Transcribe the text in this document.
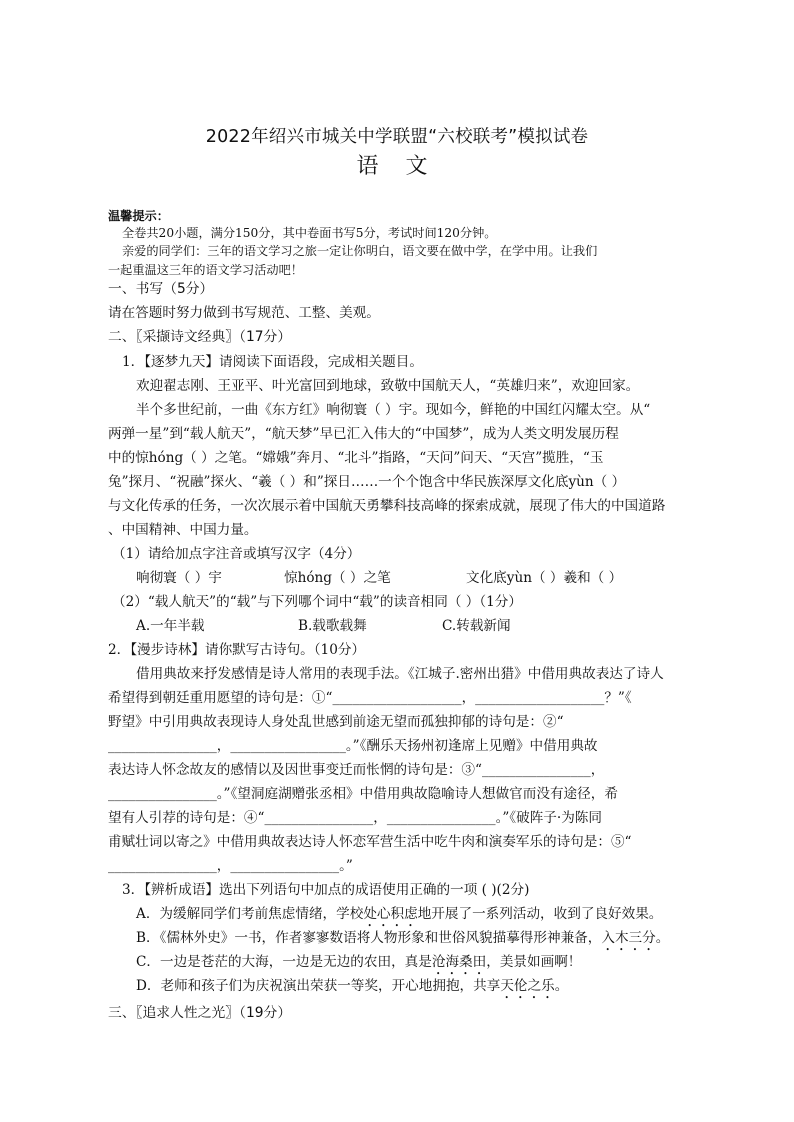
2022年绍兴市城关中学联盟“六校联考”模拟试卷
语 文
温馨提示：
全卷共20小题，满分150分，其中卷面书写5分，考试时间120分钟。
亲爱的同学们：三年的语文学习之旅一定让你明白，语文要在做中学，在学中用。让我们
一起重温这三年的语文学习活动吧！
一、书写（5分）
请在答题时努力做到书写规范、工整、美观。
二、〖采撷诗文经典〗（17分）
1．【逐梦九天】请阅读下面语段，完成相关题目。
欢迎翟志刚、王亚平、叶光富回到地球，致敬中国航天人，“英雄归来”，欢迎回家。
半个多世纪前，一曲《东方红》响彻寰（ ）宇。现如今，鲜艳的中国红闪耀太空。从“
两弹一星”到“载人航天”，“航天梦”早已汇入伟大的“中国梦”，成为人类文明发展历程
中的惊hóng（ ）之笔。“嫦娥”奔月、“北斗”指路，“天问”问天、“天宫”揽胜，“玉
兔”探月、“祝融”探火、“羲（ ）和”探日……一个个饱含中华民族深厚文化底yùn（ ）
与文化传承的任务，一次次展示着中国航天勇攀科技高峰的探索成就，展现了伟大的中国道路
、中国精神、中国力量。
（1）请给加点字注音或填写汉字（4分）
响彻寰（ ）宇	惊hóng（ ）之笔	文化底yùn（ ）羲和（ ）
（2）“载人航天”的“载”与下列哪个词中“载”的读音相同（ ）（1分）
A.一年半载	B.载歌载舞	C.转载新闻
2．【漫步诗林】请你默写古诗句。（10分）
借用典故来抒发感情是诗人常用的表现手法。《江城子.密州出猎》中借用典故表达了诗人
希望得到朝廷重用愿望的诗句是：①“___________________，___________________？”《
野望》中引用典故表现诗人身处乱世感到前途无望而孤独抑郁的诗句是：②“
________________，_________________。”《酬乐天扬州初逢席上见赠》中借用典故
表达诗人怀念故友的感情以及因世事变迁而怅惘的诗句是：③“________________，
________________。”《望洞庭湖赠张丞相》中借用典故隐喻诗人想做官而没有途径，希
望有人引荐的诗句是：④“________________，________________。”《破阵子·为陈同
甫赋壮词以寄之》中借用典故表达诗人怀恋军营生活中吃牛肉和演奏军乐的诗句是：⑤“
________________，________________。”
3．【辨析成语】选出下列语句中加点的成语使用正确的一项 ( )(2分)
A．为缓解同学们考前焦虑情绪，学校处心积虑地开展了一系列活动，收到了良好效果。
B．《儒林外史》一书，作者寥寥数语将人物形象和世俗风貌描摹得形神兼备，入木三分。
C．一边是苍茫的大海，一边是无边的农田，真是沧海桑田，美景如画啊！
D．老师和孩子们为庆祝演出荣获一等奖，开心地拥抱，共享天伦之乐。
三、〖追求人性之光〗（19分）
